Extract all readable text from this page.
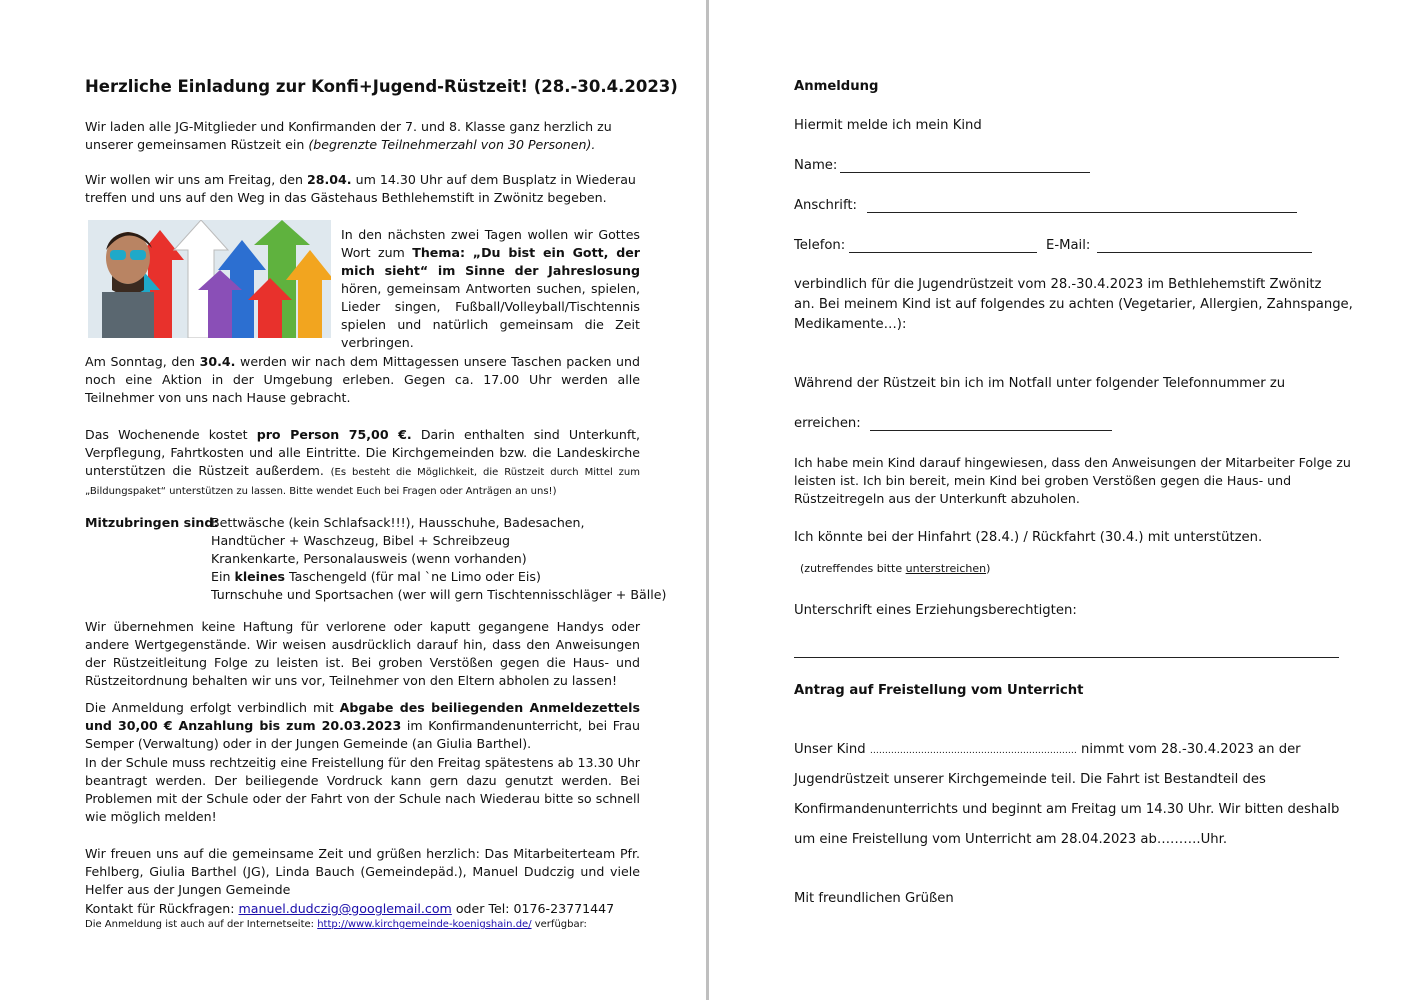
Herzliche Einladung zur Konfi+Jugend-Rüstzeit! (28.-30.4.2023)
Wir laden alle JG-Mitglieder und Konfirmanden der 7. und 8. Klasse ganz herzlich zu
unserer gemeinsamen Rüstzeit ein (begrenzte Teilnehmerzahl von 30 Personen).
Wir wollen wir uns am Freitag, den 28.04. um 14.30 Uhr auf dem Busplatz in Wiederau
treffen und uns auf den Weg in das Gästehaus Bethlehemstift in Zwönitz begeben.
In den nächsten zwei Tagen wollen wir Gottes Wort zum Thema: „Du bist ein Gott, der mich sieht“ im Sinne der Jahreslosung hören, gemeinsam Antworten suchen, spielen, Lieder singen, Fußball/Volleyball/Tischtennis spielen und natürlich gemeinsam die Zeit verbringen.
Am Sonntag, den 30.4. werden wir nach dem Mittagessen unsere Taschen packen und noch eine Aktion in der Umgebung erleben. Gegen ca. 17.00 Uhr werden alle Teilnehmer von uns nach Hause gebracht.
Das Wochenende kostet pro Person 75,00 €. Darin enthalten sind Unterkunft, Verpflegung, Fahrtkosten und alle Eintritte. Die Kirchgemeinden bzw. die Landeskirche unterstützen die Rüstzeit außerdem. (Es besteht die Möglichkeit, die Rüstzeit durch Mittel zum „Bildungspaket“ unterstützen zu lassen. Bitte wendet Euch bei Fragen oder Anträgen an uns!)
Mitzubringen sind:
Bettwäsche (kein Schlafsack!!!), Hausschuhe, Badesachen,
Handtücher + Waschzeug, Bibel + Schreibzeug
Krankenkarte, Personalausweis (wenn vorhanden)
Ein kleines Taschengeld (für mal `ne Limo oder Eis)
Turnschuhe und Sportsachen (wer will gern Tischtennisschläger + Bälle)
Wir übernehmen keine Haftung für verlorene oder kaputt gegangene Handys oder andere Wertgegenstände. Wir weisen ausdrücklich darauf hin, dass den Anweisungen der Rüstzeitleitung Folge zu leisten ist. Bei groben Verstößen gegen die Haus- und Rüstzeitordnung behalten wir uns vor, Teilnehmer von den Eltern abholen zu lassen!
Die Anmeldung erfolgt verbindlich mit Abgabe des beiliegenden Anmeldezettels und 30,00 € Anzahlung bis zum 20.03.2023 im Konfirmandenunterricht, bei Frau Semper (Verwaltung) oder in der Jungen Gemeinde (an Giulia Barthel).
In der Schule muss rechtzeitig eine Freistellung für den Freitag spätestens ab 13.30 Uhr beantragt werden. Der beiliegende Vordruck kann gern dazu genutzt werden. Bei Problemen mit der Schule oder der Fahrt von der Schule nach Wiederau bitte so schnell wie möglich melden!
Wir freuen uns auf die gemeinsame Zeit und grüßen herzlich: Das Mitarbeiterteam Pfr. Fehlberg, Giulia Barthel (JG), Linda Bauch (Gemeindepäd.), Manuel Dudczig und viele Helfer aus der Jungen Gemeinde
Kontakt für Rückfragen: manuel.dudczig@googlemail.com oder Tel: 0176-23771447
Die Anmeldung ist auch auf der Internetseite: http://www.kirchgemeinde-koenigshain.de/ verfügbar:
Anmeldung
Hiermit melde ich mein Kind
Name:
Anschrift:
Telefon:	E-Mail:
verbindlich für die Jugendrüstzeit vom 28.-30.4.2023 im Bethlehemstift Zwönitz
an. Bei meinem Kind ist auf folgendes zu achten (Vegetarier, Allergien, Zahnspange,
Medikamente…):
Während der Rüstzeit bin ich im Notfall unter folgender Telefonnummer zu
erreichen:
Ich habe mein Kind darauf hingewiesen, dass den Anweisungen der Mitarbeiter Folge zu
leisten ist. Ich bin bereit, mein Kind bei groben Verstößen gegen die Haus- und
Rüstzeitregeln aus der Unterkunft abzuholen.
Ich könnte bei der Hinfahrt (28.4.) / Rückfahrt (30.4.) mit unterstützen.
(zutreffendes bitte unterstreichen)
Unterschrift eines Erziehungsberechtigten:
Antrag auf Freistellung vom Unterricht
Unser Kind …………………………………………………………… nimmt vom 28.-30.4.2023 an der
Jugendrüstzeit unserer Kirchgemeinde teil. Die Fahrt ist Bestandteil des
Konfirmandenunterrichts und beginnt am Freitag um 14.30 Uhr. Wir bitten deshalb
um eine Freistellung vom Unterricht am 28.04.2023 ab……….Uhr.
Mit freundlichen Grüßen
